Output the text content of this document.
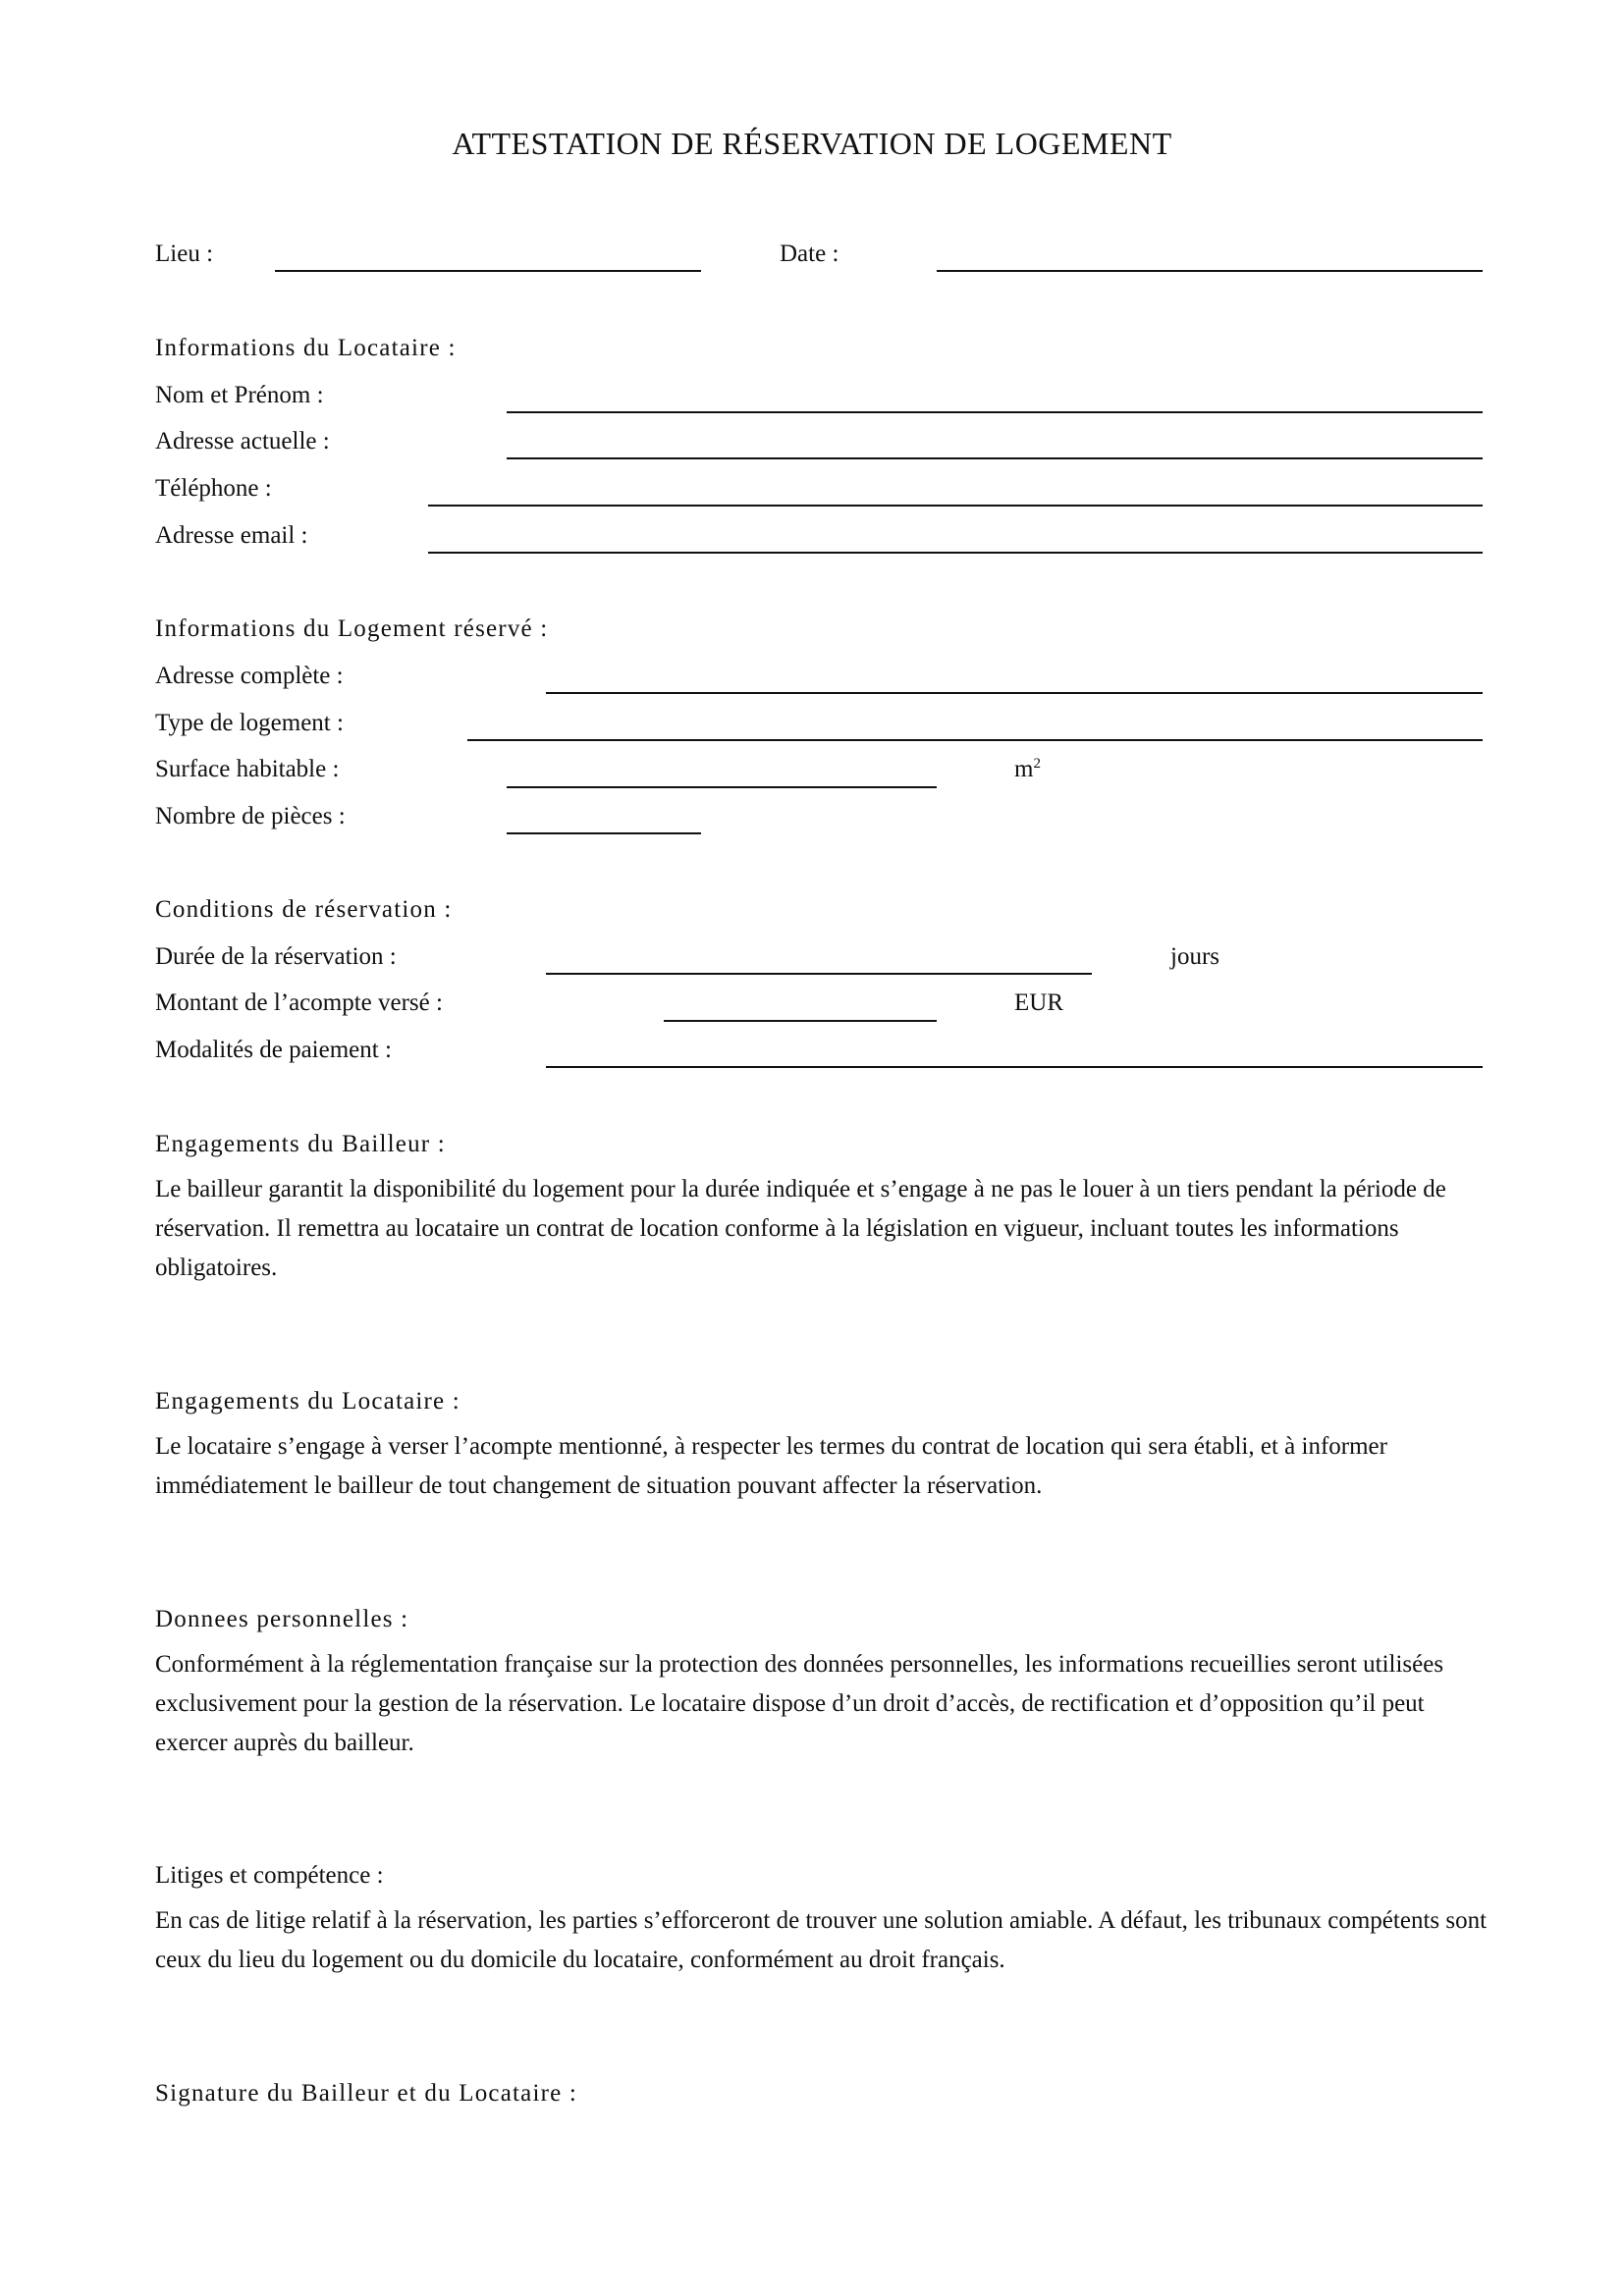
ATTESTATION DE RÉSERVATION DE LOGEMENT
Lieu :	Date :
Informations du Locataire :
Nom et Prénom :
Adresse actuelle :
Téléphone :
Adresse email :
Informations du Logement réservé :
Adresse complète :
Type de logement :
Surface habitable :	$m^2$
Nombre de pièces :
Conditions de réservation :
Durée de la réservation :	jours
Montant de l’acompte versé :	EUR
Modalités de paiement :
Engagements du Bailleur :
Le bailleur garantit la disponibilité du logement pour la durée indiquée et s’engage à ne pas le louer à un tiers pendant la période de réservation. Il remettra au locataire un contrat de location conforme à la législation en vigueur, incluant toutes les informations obligatoires.
Engagements du Locataire :
Le locataire s’engage à verser l’acompte mentionné, à respecter les termes du contrat de location qui sera établi, et à informer immédiatement le bailleur de tout changement de situation pouvant affecter la réservation.
Donnees personnelles :
Conformément à la réglementation française sur la protection des données personnelles, les informations recueillies seront utilisées exclusivement pour la gestion de la réservation. Le locataire dispose d’un droit d’accès, de rectification et d’opposition qu’il peut exercer auprès du bailleur.
Litiges et compétence :
En cas de litige relatif à la réservation, les parties s’efforceront de trouver une solution amiable. A défaut, les tribunaux compétents sont ceux du lieu du logement ou du domicile du locataire, conformément au droit français.
Signature du Bailleur et du Locataire :
